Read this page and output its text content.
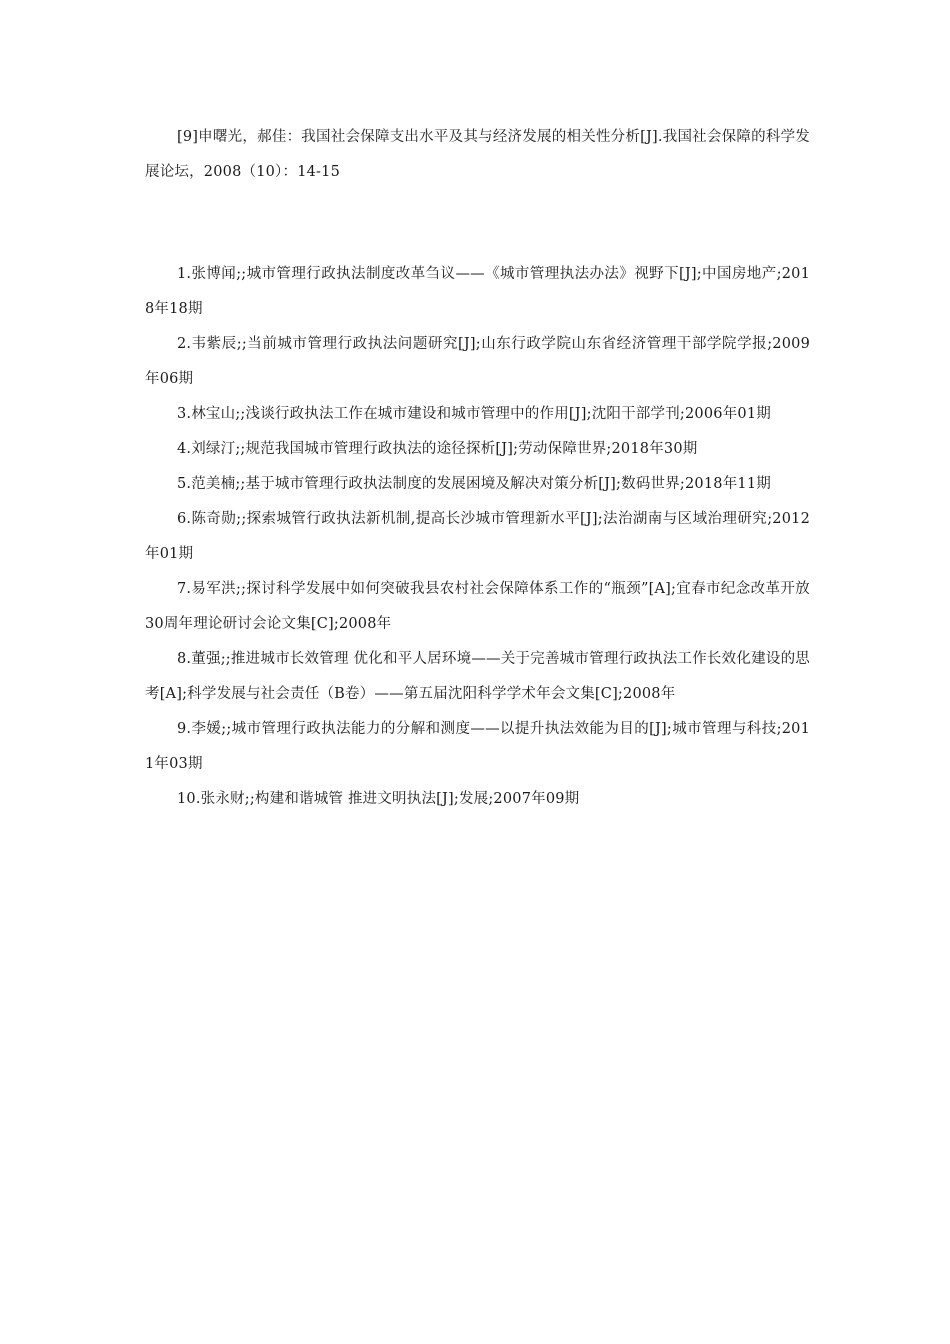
[9]申曙光，郝佳：我国社会保障支出水平及其与经济发展的相关性分析[J].我国社会保障的科学发展论坛，2008（10）：14-15

1.张博闻;;城市管理行政执法制度改革刍议——《城市管理执法办法》视野下[J];中国房地产;2018年18期

2.韦紫辰;;当前城市管理行政执法问题研究[J];山东行政学院山东省经济管理干部学院学报;2009年06期

3.林宝山;;浅谈行政执法工作在城市建设和城市管理中的作用[J];沈阳干部学刊;2006年01期

4.刘绿汀;;规范我国城市管理行政执法的途径探析[J];劳动保障世界;2018年30期

5.范美楠;;基于城市管理行政执法制度的发展困境及解决对策分析[J];数码世界;2018年11期

6.陈奇勋;;探索城管行政执法新机制,提高长沙城市管理新水平[J];法治湖南与区域治理研究;2012年01期

7.易军洪;;探讨科学发展中如何突破我县农村社会保障体系工作的“瓶颈”[A];宜春市纪念改革开放30周年理论研讨会论文集[C];2008年

8.董强;;推进城市长效管理 优化和平人居环境——关于完善城市管理行政执法工作长效化建设的思考[A];科学发展与社会责任（B卷）——第五届沈阳科学学术年会文集[C];2008年

9.李媛;;城市管理行政执法能力的分解和测度——以提升执法效能为目的[J];城市管理与科技;2011年03期

10.张永财;;构建和谐城管 推进文明执法[J];发展;2007年09期
